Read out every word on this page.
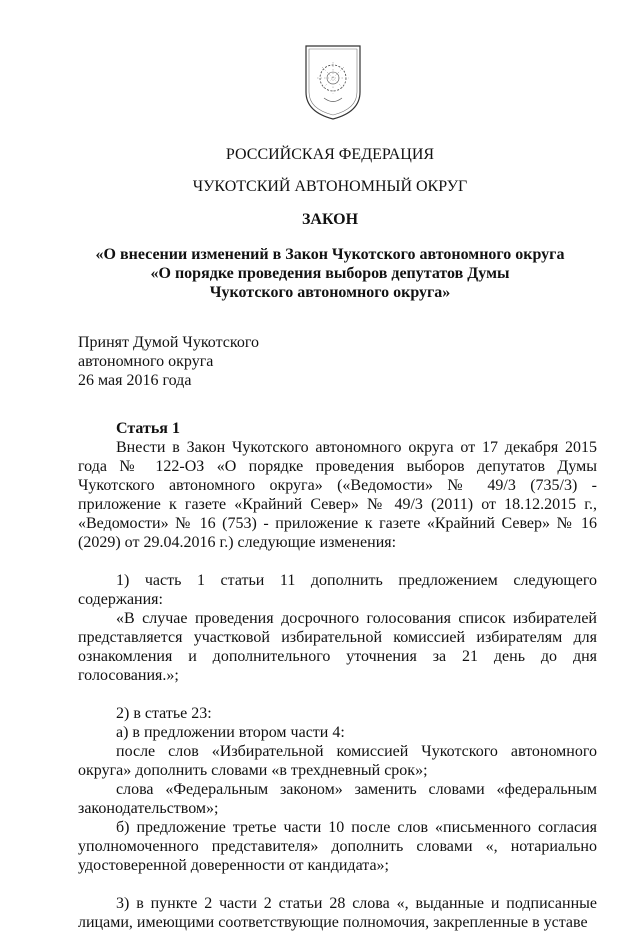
РОССИЙСКАЯ ФЕДЕРАЦИЯ
ЧУКОТСКИЙ АВТОНОМНЫЙ ОКРУГ
ЗАКОН
«О внесении изменений в Закон Чукотского автономного округа
«О порядке проведения выборов депутатов Думы
Чукотского автономного округа»
Принят Думой Чукотского
автономного округа
26 мая 2016 года
Статья 1
Внести в Закон Чукотского автономного округа от 17 декабря 2015 года № 122-ОЗ «О порядке проведения выборов депутатов Думы Чукотского автономного округа» («Ведомости» № 49/3 (735/3) - приложение к газете «Крайний Север» № 49/3 (2011) от 18.12.2015 г., «Ведомости» № 16 (753) - приложение к газете «Крайний Север» № 16 (2029) от 29.04.2016 г.) следующие изменения:
1) часть 1 статьи 11 дополнить предложением следующего содержания:
«В случае проведения досрочного голосования список избирателей представляется участковой избирательной комиссией избирателям для ознакомления и дополнительного уточнения за 21 день до дня голосования.»;
2) в статье 23:
а) в предложении втором части 4:
после слов «Избирательной комиссией Чукотского автономного округа» дополнить словами «в трехдневный срок»;
слова «Федеральным законом» заменить словами «федеральным законодательством»;
б) предложение третье части 10 после слов «письменного согласия уполномоченного представителя» дополнить словами «, нотариально удостоверенной доверенности от кандидата»;
3) в пункте 2 части 2 статьи 28 слова «, выданные и подписанные лицами, имеющими соответствующие полномочия, закрепленные в уставе
